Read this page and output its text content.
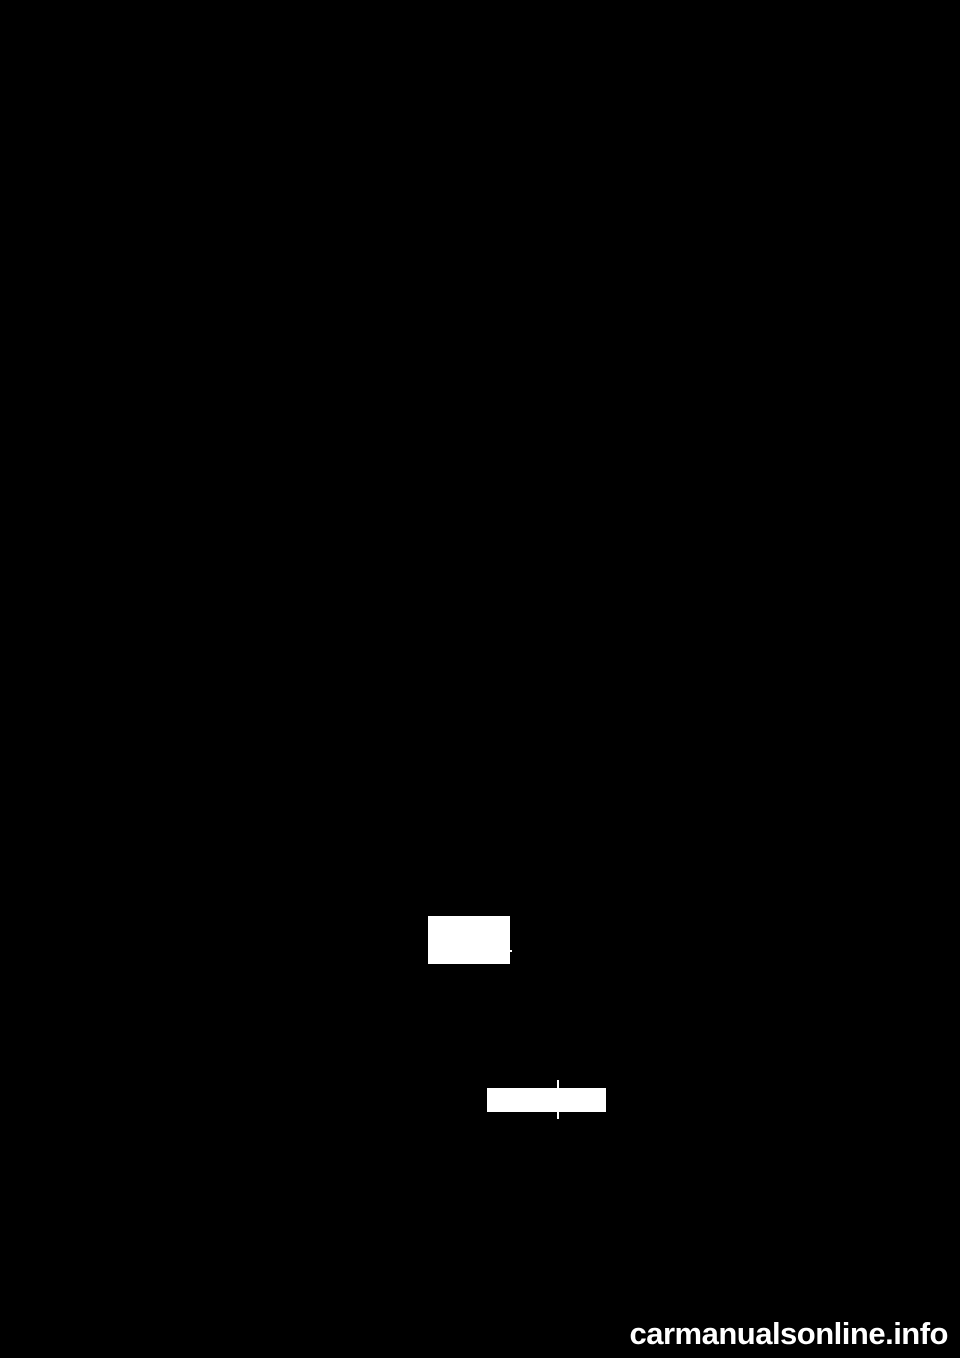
Lead

Terminal

Contact Plate

carmanualsonline.info
